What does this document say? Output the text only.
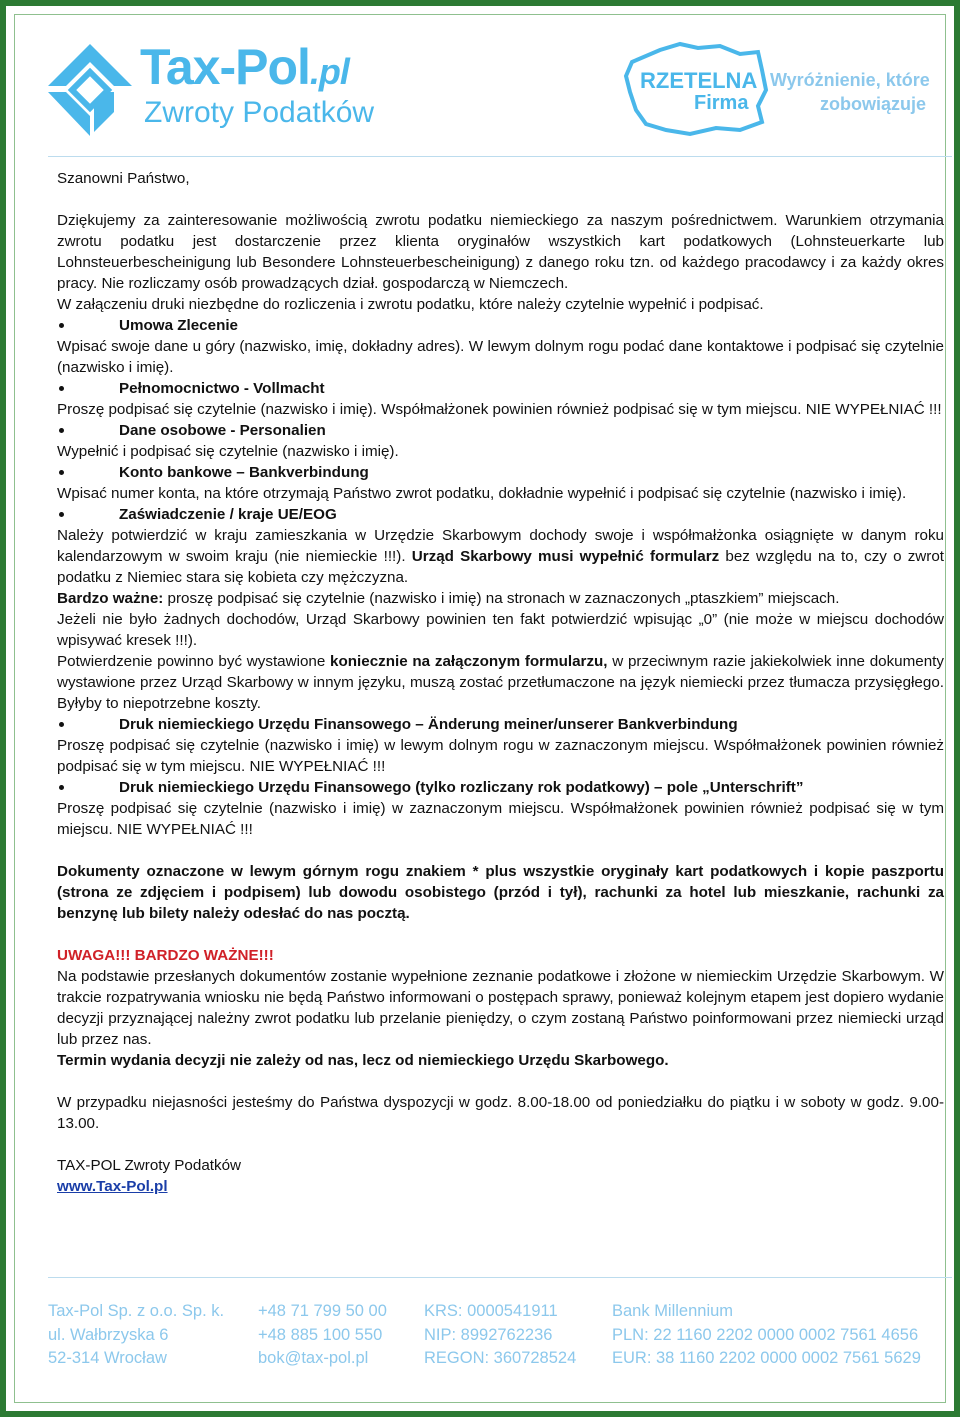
Tax-Pol.pl
Zwroty Podatków
RZETELNA
Firma
Wyróżnienie, które
zobowiązuje

Szanowni Państwo,

Dziękujemy za zainteresowanie możliwością zwrotu podatku niemieckiego za naszym pośrednictwem. Warunkiem otrzymania zwrotu podatku jest dostarczenie przez klienta oryginałów wszystkich kart podatkowych (Lohnsteuerkarte lub Lohnsteuerbescheinigung lub Besondere Lohnsteuerbescheinigung) z danego roku tzn. od każdego pracodawcy i za każdy okres pracy. Nie rozliczamy osób prowadzących dział. gospodarczą w Niemczech.

W załączeniu druki niezbędne do rozliczenia i zwrotu podatku, które należy czytelnie wypełnić i podpisać.

Umowa Zlecenie

Wpisać swoje dane u góry (nazwisko, imię, dokładny adres). W lewym dolnym rogu podać dane kontaktowe i podpisać się czytelnie (nazwisko i imię).

Pełnomocnictwo - Vollmacht

Proszę podpisać się czytelnie (nazwisko i imię). Współmałżonek powinien również podpisać się w tym miejscu. NIE WYPEŁNIAĆ !!!

Dane osobowe - Personalien

Wypełnić i podpisać się czytelnie (nazwisko i imię).

Konto bankowe – Bankverbindung

Wpisać numer konta, na które otrzymają Państwo zwrot podatku, dokładnie wypełnić i podpisać się czytelnie (nazwisko i imię).

Zaświadczenie / kraje UE/EOG

Należy potwierdzić w kraju zamieszkania w Urzędzie Skarbowym dochody swoje i współmałżonka osiągnięte w danym roku kalendarzowym w swoim kraju (nie niemieckie !!!). Urząd Skarbowy musi wypełnić formularz bez względu na to, czy o zwrot podatku z Niemiec stara się kobieta czy mężczyzna.

Bardzo ważne: proszę podpisać się czytelnie (nazwisko i imię) na stronach w zaznaczonych „ptaszkiem” miejscach.

Jeżeli nie było żadnych dochodów, Urząd Skarbowy powinien ten fakt potwierdzić wpisując „0” (nie może w miejscu dochodów wpisywać kresek !!!).

Potwierdzenie powinno być wystawione koniecznie na załączonym formularzu, w przeciwnym razie jakiekolwiek inne dokumenty wystawione przez Urząd Skarbowy w innym języku, muszą zostać przetłumaczone na język niemiecki przez tłumacza przysięgłego. Byłyby to niepotrzebne koszty.

Druk niemieckiego Urzędu Finansowego – Änderung meiner/unserer Bankverbindung

Proszę podpisać się czytelnie (nazwisko i imię) w lewym dolnym rogu w zaznaczonym miejscu. Współmałżonek powinien również podpisać się w tym miejscu. NIE WYPEŁNIAĆ !!!

Druk niemieckiego Urzędu Finansowego (tylko rozliczany rok podatkowy) – pole „Unterschrift”

Proszę podpisać się czytelnie (nazwisko i imię) w zaznaczonym miejscu. Współmałżonek powinien również podpisać się w tym miejscu. NIE WYPEŁNIAĆ !!!

Dokumenty oznaczone w lewym górnym rogu znakiem * plus wszystkie oryginały kart podatkowych i kopie paszportu (strona ze zdjęciem i podpisem) lub dowodu osobistego (przód i tył), rachunki za hotel lub mieszkanie, rachunki za benzynę lub bilety należy odesłać do nas pocztą.

UWAGA!!! BARDZO WAŻNE!!!

Na podstawie przesłanych dokumentów zostanie wypełnione zeznanie podatkowe i złożone w niemieckim Urzędzie Skarbowym. W trakcie rozpatrywania wniosku nie będą Państwo informowani o postępach sprawy, ponieważ kolejnym etapem jest dopiero wydanie decyzji przyznającej należny zwrot podatku lub przelanie pieniędzy, o czym zostaną Państwo poinformowani przez niemiecki urząd lub przez nas.

Termin wydania decyzji nie zależy od nas, lecz od niemieckiego Urzędu Skarbowego.

W przypadku niejasności jesteśmy do Państwa dyspozycji w godz. 8.00-18.00 od poniedziałku do piątku i w soboty w godz. 9.00-13.00.

TAX-POL Zwroty Podatków

www.Tax-Pol.pl

Tax-Pol Sp. z o.o. Sp. k.
ul. Wałbrzyska 6
52-314 Wrocław
+48 71 799 50 00
+48 885 100 550
bok@tax-pol.pl
KRS: 0000541911
NIP: 8992762236
REGON: 360728524
Bank Millennium
PLN: 22 1160 2202 0000 0002 7561 4656
EUR: 38 1160 2202 0000 0002 7561 5629
